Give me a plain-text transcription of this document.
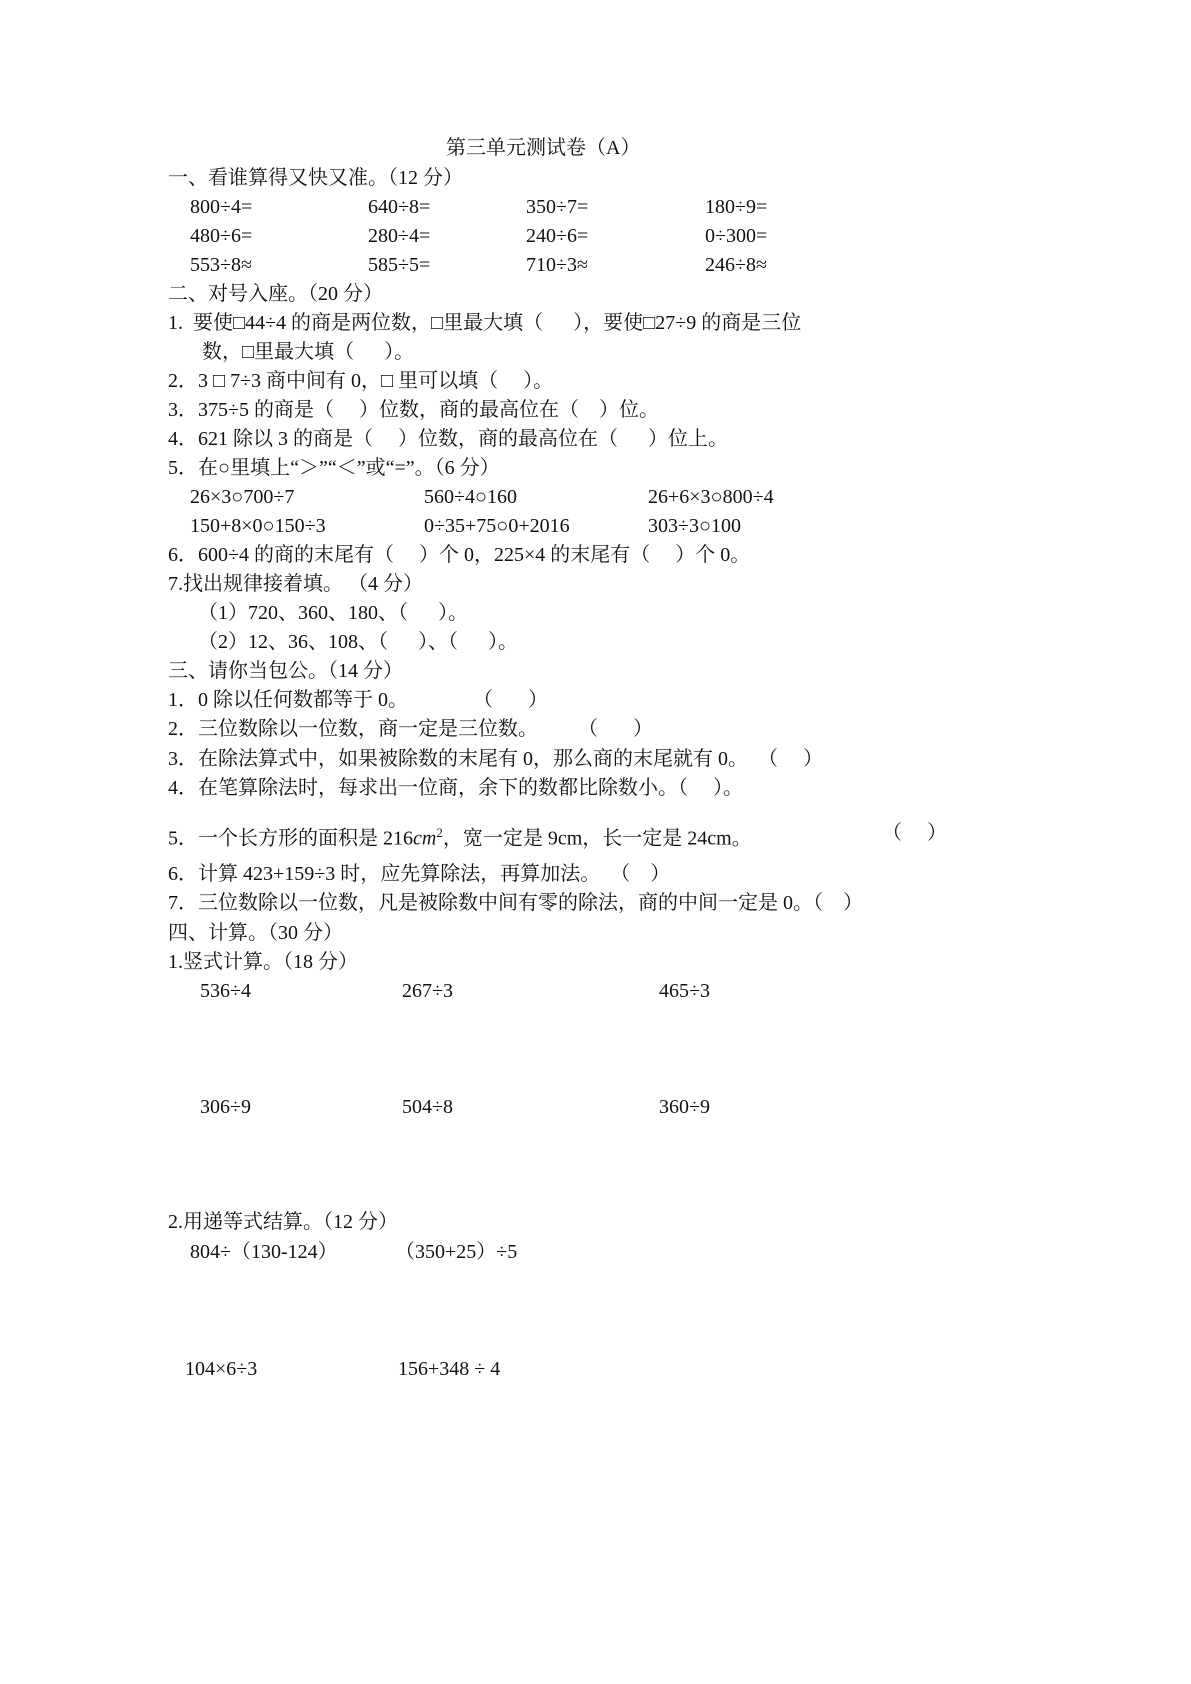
第三单元测试卷（A）
一、看谁算得又快又准。（12 分）
800÷4=	640÷8=	350÷7=	180÷9=
480÷6=	280÷4=	240÷6=	0÷300=
553÷8≈	585÷5=	710÷3≈	246÷8≈
二、对号入座。（20 分）
1.  要使□44÷4 的商是两位数，□里最大填（      ），要使□27÷9 的商是三位
数，□里最大填（      ）。
2．3 □ 7÷3 商中间有 0，□ 里可以填（     ）。
3．375÷5 的商是（     ）位数，商的最高位在（    ）位。
4．621 除以 3 的商是（     ）位数，商的最高位在（      ）位上。
5．在○里填上“＞”“＜”或“=”。（6 分）
26×3○700÷7	560÷4○160	26+6×3○800÷4
150+8×0○150÷3	0÷35+75○0+2016	303÷3○100
6．600÷4 的商的末尾有（     ）个 0，225×4 的末尾有（     ）个 0。
7.找出规律接着填。 （4 分）
（1）720、360、180、（      ）。
（2）12、36、108、（      ）、（      ）。
三、请你当包公。（14 分）
1．0 除以任何数都等于 0。             （       ）
2．三位数除以一位数，商一定是三位数。        （       ）
3．在除法算式中，如果被除数的末尾有 0，那么商的末尾就有 0。  （     ）
4．在笔算除法时，每求出一位商，余下的数都比除数小。（     ）。
5．一个长方形的面积是 $216cm^2$，宽一定是 9cm，长一定是 24cm。	（     ）
6．计算 423+159÷3 时，应先算除法，再算加法。  （    ）
7．三位数除以一位数，凡是被除数中间有零的除法，商的中间一定是 0。（    ）
四、计算。（30 分）
1.竖式计算。（18 分）
536÷4	267÷3	465÷3
306÷9	504÷8	360÷9
2.用递等式结算。（12 分）
804÷（130-124）	（350+25）÷5
104×6÷3	156+348 ÷ 4
